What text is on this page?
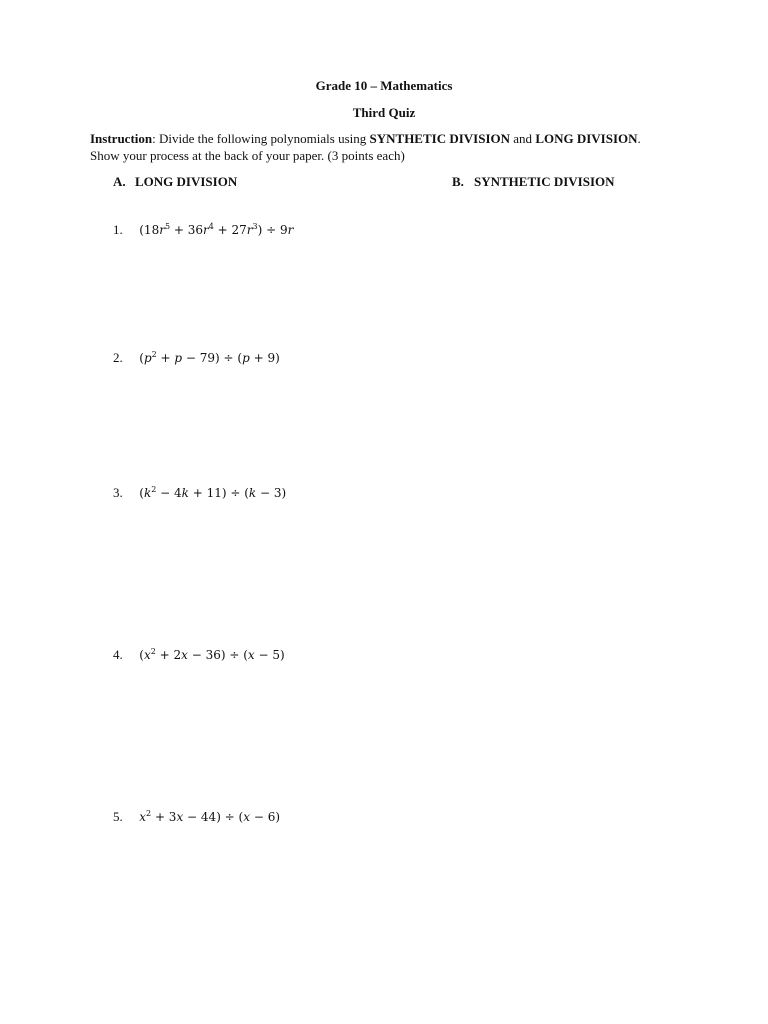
Grade 10 – Mathematics
Third Quiz
Instruction: Divide the following polynomials using SYNTHETIC DIVISION and LONG DIVISION.
Show your process at the back of your paper. (3 points each)
A. LONG DIVISION	B. SYNTHETIC DIVISION
1. $(18r^5 + 36r^4 + 27r^3) \div 9r$
2. $(p^2 + p - 79) \div (p + 9)$
3. $(k^2 - 4k + 11) \div (k - 3)$
4. $(x^2 + 2x - 36) \div (x - 5)$
5. $x^2 + 3x - 44) \div (x - 6)$
